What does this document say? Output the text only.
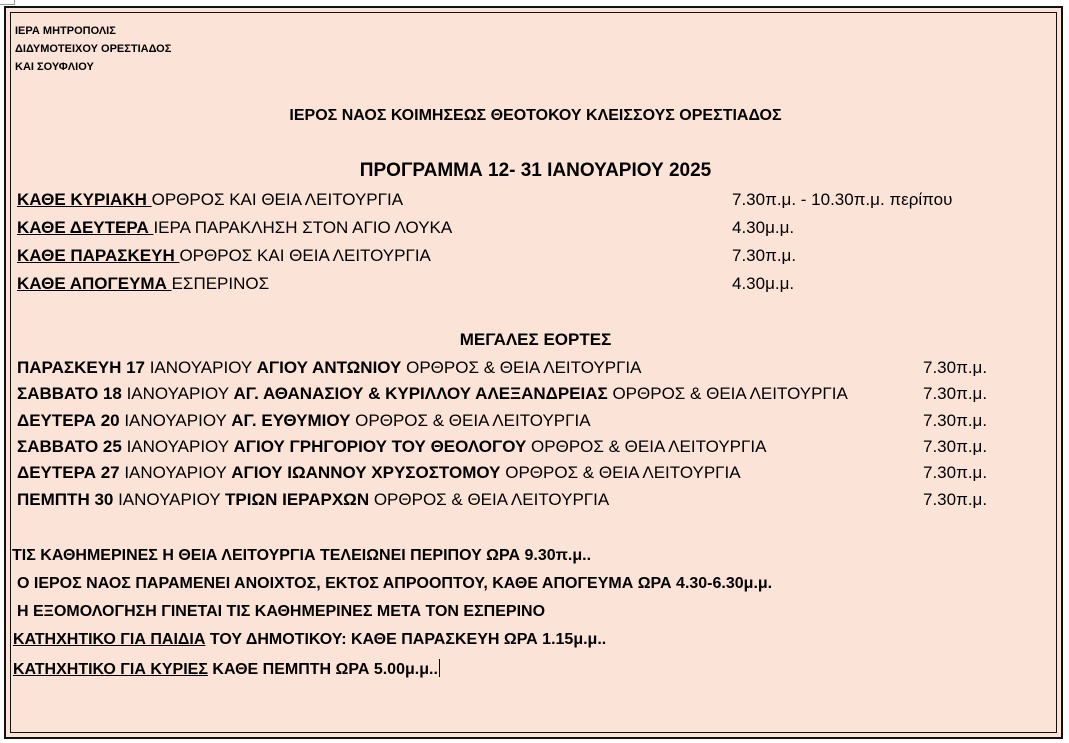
ΙΕΡΑ ΜΗΤΡΟΠΟΛΙΣ
ΔΙΔΥΜΟΤΕΙΧΟΥ ΟΡΕΣΤΙΑΔΟΣ
ΚΑΙ ΣΟΥΦΛΙΟΥ
ΙΕΡΟΣ ΝΑΟΣ ΚΟΙΜΗΣΕΩΣ ΘΕΟΤΟΚΟΥ ΚΛΕΙΣΣΟΥΣ ΟΡΕΣΤΙΑΔΟΣ
ΠΡΟΓΡΑΜΜΑ 12- 31 ΙΑΝΟΥΑΡΙΟΥ 2025
ΚΑΘΕ ΚΥΡΙΑΚΗ ΟΡΘΡΟΣ ΚΑΙ ΘΕΙΑ ΛΕΙΤΟΥΡΓΙΑ	7.30π.μ. - 10.30π.μ. περίπου
ΚΑΘΕ ΔΕΥΤΕΡΑ ΙΕΡΑ ΠΑΡΑΚΛΗΣΗ ΣΤΟΝ ΑΓΙΟ ΛΟΥΚΑ	4.30μ.μ.
ΚΑΘΕ ΠΑΡΑΣΚΕΥΗ ΟΡΘΡΟΣ ΚΑΙ ΘΕΙΑ ΛΕΙΤΟΥΡΓΙΑ	7.30π.μ.
ΚΑΘΕ ΑΠΟΓΕΥΜΑ ΕΣΠΕΡΙΝΟΣ	4.30μ.μ.
ΜΕΓΑΛΕΣ ΕΟΡΤΕΣ
ΠΑΡΑΣΚΕΥΗ 17 ΙΑΝΟΥΑΡΙΟΥ ΑΓΙΟΥ ΑΝΤΩΝΙΟΥ ΟΡΘΡΟΣ & ΘΕΙΑ ΛΕΙΤΟΥΡΓΙΑ	7.30π.μ.
ΣΑΒΒΑΤΟ 18 ΙΑΝΟΥΑΡΙΟΥ ΑΓ. ΑΘΑΝΑΣΙΟΥ & ΚΥΡΙΛΛΟΥ ΑΛΕΞΑΝΔΡΕΙΑΣ ΟΡΘΡΟΣ & ΘΕΙΑ ΛΕΙΤΟΥΡΓΙΑ	7.30π.μ.
ΔΕΥΤΕΡΑ 20 ΙΑΝΟΥΑΡΙΟΥ ΑΓ. ΕΥΘΥΜΙΟΥ ΟΡΘΡΟΣ & ΘΕΙΑ ΛΕΙΤΟΥΡΓΙΑ	7.30π.μ.
ΣΑΒΒΑΤΟ 25 ΙΑΝΟΥΑΡΙΟΥ ΑΓΙΟΥ ΓΡΗΓΟΡΙΟΥ ΤΟΥ ΘΕΟΛΟΓΟΥ ΟΡΘΡΟΣ & ΘΕΙΑ ΛΕΙΤΟΥΡΓΙΑ	7.30π.μ.
ΔΕΥΤΕΡΑ 27 ΙΑΝΟΥΑΡΙΟΥ ΑΓΙΟΥ ΙΩΑΝΝΟΥ ΧΡΥΣΟΣΤΟΜΟΥ ΟΡΘΡΟΣ & ΘΕΙΑ ΛΕΙΤΟΥΡΓΙΑ	7.30π.μ.
ΠΕΜΠΤΗ 30 ΙΑΝΟΥΑΡΙΟΥ ΤΡΙΩΝ ΙΕΡΑΡΧΩΝ ΟΡΘΡΟΣ & ΘΕΙΑ ΛΕΙΤΟΥΡΓΙΑ	7.30π.μ.
ΤΙΣ ΚΑΘΗΜΕΡΙΝΕΣ Η ΘΕΙΑ ΛΕΙΤΟΥΡΓΙΑ ΤΕΛΕΙΩΝΕΙ ΠΕΡΙΠΟΥ ΩΡΑ 9.30π.μ..
Ο ΙΕΡΟΣ ΝΑΟΣ ΠΑΡΑΜΕΝΕΙ ΑΝΟΙΧΤΟΣ, ΕΚΤΟΣ ΑΠΡΟΟΠΤΟΥ, ΚΑΘΕ ΑΠΟΓΕΥΜΑ ΩΡΑ 4.30-6.30μ.μ.
Η ΕΞΟΜΟΛΟΓΗΣΗ ΓΙΝΕΤΑΙ ΤΙΣ ΚΑΘΗΜΕΡΙΝΕΣ ΜΕΤΑ ΤΟΝ ΕΣΠΕΡΙΝΟ
ΚΑΤΗΧΗΤΙΚΟ ΓΙΑ ΠΑΙΔΙΑ ΤΟΥ ΔΗΜΟΤΙΚΟΥ: ΚΑΘΕ ΠΑΡΑΣΚΕΥΗ ΩΡΑ 1.15μ.μ..
ΚΑΤΗΧΗΤΙΚΟ ΓΙΑ ΚΥΡΙΕΣ ΚΑΘΕ ΠΕΜΠΤΗ ΩΡΑ 5.00μ.μ..
